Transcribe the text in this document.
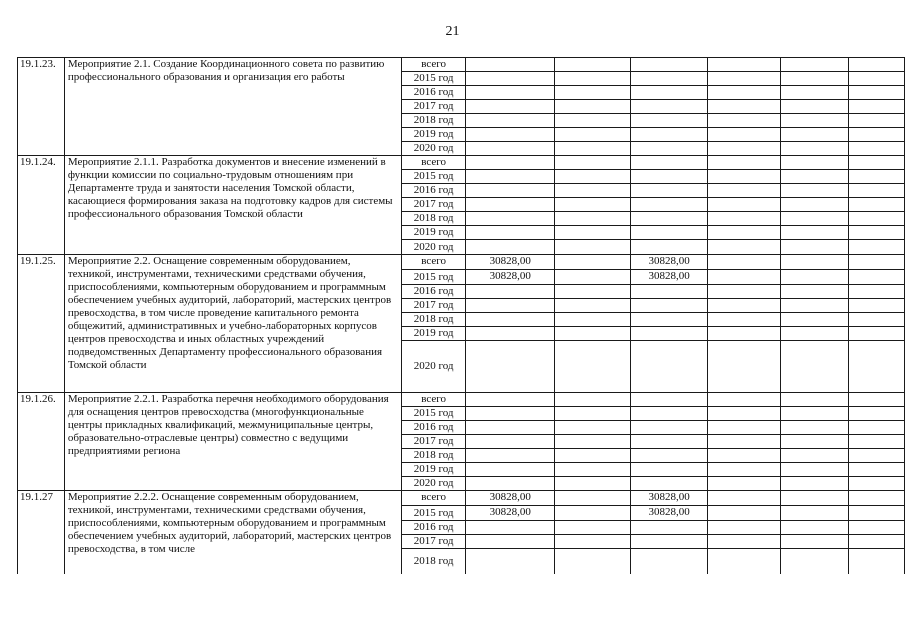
21
19.1.23.	Мероприятие 2.1. Создание Координационного совета по развитию профессионального образования и организация его работы	всего						
		2015 год						
		2016 год						
		2017 год						
		2018 год						
		2019 год						
		2020 год						
19.1.24.	Мероприятие 2.1.1. Разработка документов и внесение изменений в функции комиссии по социально-трудовым отношениям при Департаменте труда и занятости населения Томской области, касающиеся формирования заказа на подготовку кадров для системы профессионального образования Томской области	всего						
		2015 год						
		2016 год						
		2017 год						
		2018 год						
		2019 год						
		2020 год						
19.1.25.	Мероприятие 2.2. Оснащение современным оборудованием, техникой, инструментами, техническими средствами обучения, приспособлениями, компьютерным оборудованием и программным обеспечением учебных аудиторий, лабораторий, мастерских центров превосходства, в том числе проведение капитального ремонта общежитий, административных и учебно-лабораторных корпусов центров превосходства и иных областных учреждений подведомственных Департаменту профессионального образования Томской области	всего	30828,00		30828,00			
		2015 год	30828,00		30828,00			
		2016 год						
		2017 год						
		2018 год						
		2019 год						
		2020 год						
19.1.26.	Мероприятие 2.2.1. Разработка перечня необходимого оборудования для оснащения центров превосходства (многофункциональные центры прикладных квалификаций, межмуниципальные центры, образовательно-отраслевые центры) совместно с ведущими предприятиями региона	всего						
		2015 год						
		2016 год						
		2017 год						
		2018 год						
		2019 год						
		2020 год						
19.1.27	Мероприятие 2.2.2. Оснащение современным оборудованием, техникой, инструментами, техническими средствами обучения, приспособлениями, компьютерным оборудованием и программным обеспечением учебных аудиторий, лабораторий, мастерских центров превосходства, в том числе	всего	30828,00		30828,00			
		2015 год	30828,00		30828,00			
		2016 год						
		2017 год						
		2018 год						
